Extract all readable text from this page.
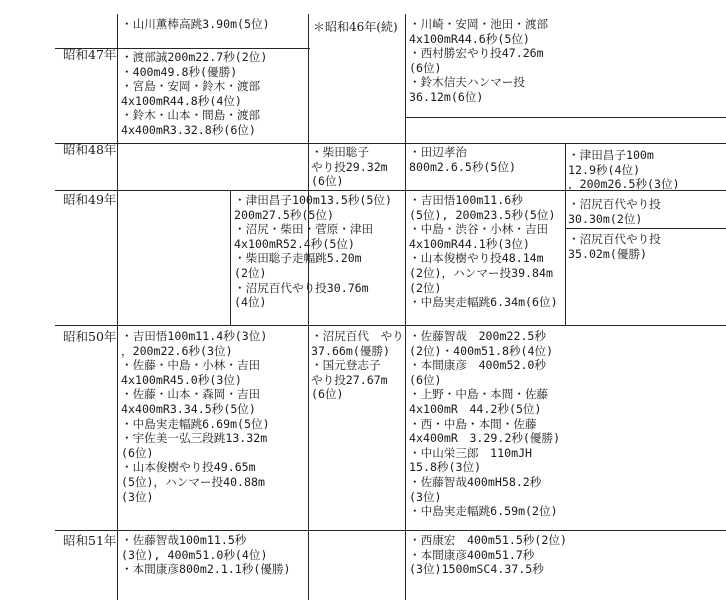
昭和47年
昭和48年
昭和49年
昭和50年
昭和51年
＊昭和46年(続)
・山川薫棒高跳3.90m(5位)	・川崎・安岡・池田・渡部
4x100mR44.6秒(5位)
・西村勝宏やり投47.26m
(6位)
・鈴木信夫ハンマー投
36.12m(6位)
・渡部誠200m22.7秒(2位)
・400m49.8秒(優勝)
・宮島・安岡・鈴木・渡部
4x100mR44.8秒(4位)
・鈴木・山本・間島・渡部
4x400mR3.32.8秒(6位)
・柴田聡子
やり投29.32m
(6位)
・田辺孝治
800m2.6.5秒(5位)
・津田昌子100m
12.9秒(4位)
，200m26.5秒(3位)
・津田昌子100m13.5秒(5位)
200m27.5秒(5位)
・沼尻・柴田・菅原・津田
4x100mR52.4秒(5位)
・柴田聡子走幅跳5.20m
(2位)
・沼尻百代やり投30.76m
(4位)
・吉田悟100m11.6秒
(5位), 200m23.5秒(5位)
・中島・渋谷・小林・吉田
4x100mR44.1秒(3位)
・山本俊樹やり投48.14m
(2位)，ハンマー投39.84m
(2位)
・中島実走幅跳6.34m(6位)
・沼尻百代やり投
30.30m(2位)
・沼尻百代やり投
35.02m(優勝)
・吉田悟100m11.4秒(3位)
，200m22.6秒(3位)
・佐藤・中島・小林・吉田
4x100mR45.0秒(3位)
・佐藤・山本・森岡・吉田
4x400mR3.34.5秒(5位)
・中島実走幅跳6.69m(5位)
・宇佐美一弘三段跳13.32m
(6位)
・山本俊樹やり投49.65m
(5位)，ハンマー投40.88m
(3位)
・沼尻百代　やり
37.66m(優勝)
・国元登志子
やり投27.67m
(6位)
・佐藤智哉　200m22.5秒
(2位)・400m51.8秒(4位)
・本間康彦　400m52.0秒
(6位)
・上野・中島・本間・佐藤
4x100mR　44.2秒(5位)
・西・中島・本間・佐藤
4x400mR　3.29.2秒(優勝)
・中山栄三郎　110mJH
15.8秒(3位)
・佐藤智哉400mH58.2秒
(3位)
・中島実走幅跳6.59m(2位)
・佐藤智哉100m11.5秒
(3位), 400m51.0秒(4位)
・本間康彦800m2.1.1秒(優勝)
・西康宏　400m51.5秒(2位)
・本間康彦400m51.7秒
(3位)1500mSC4.37.5秒
